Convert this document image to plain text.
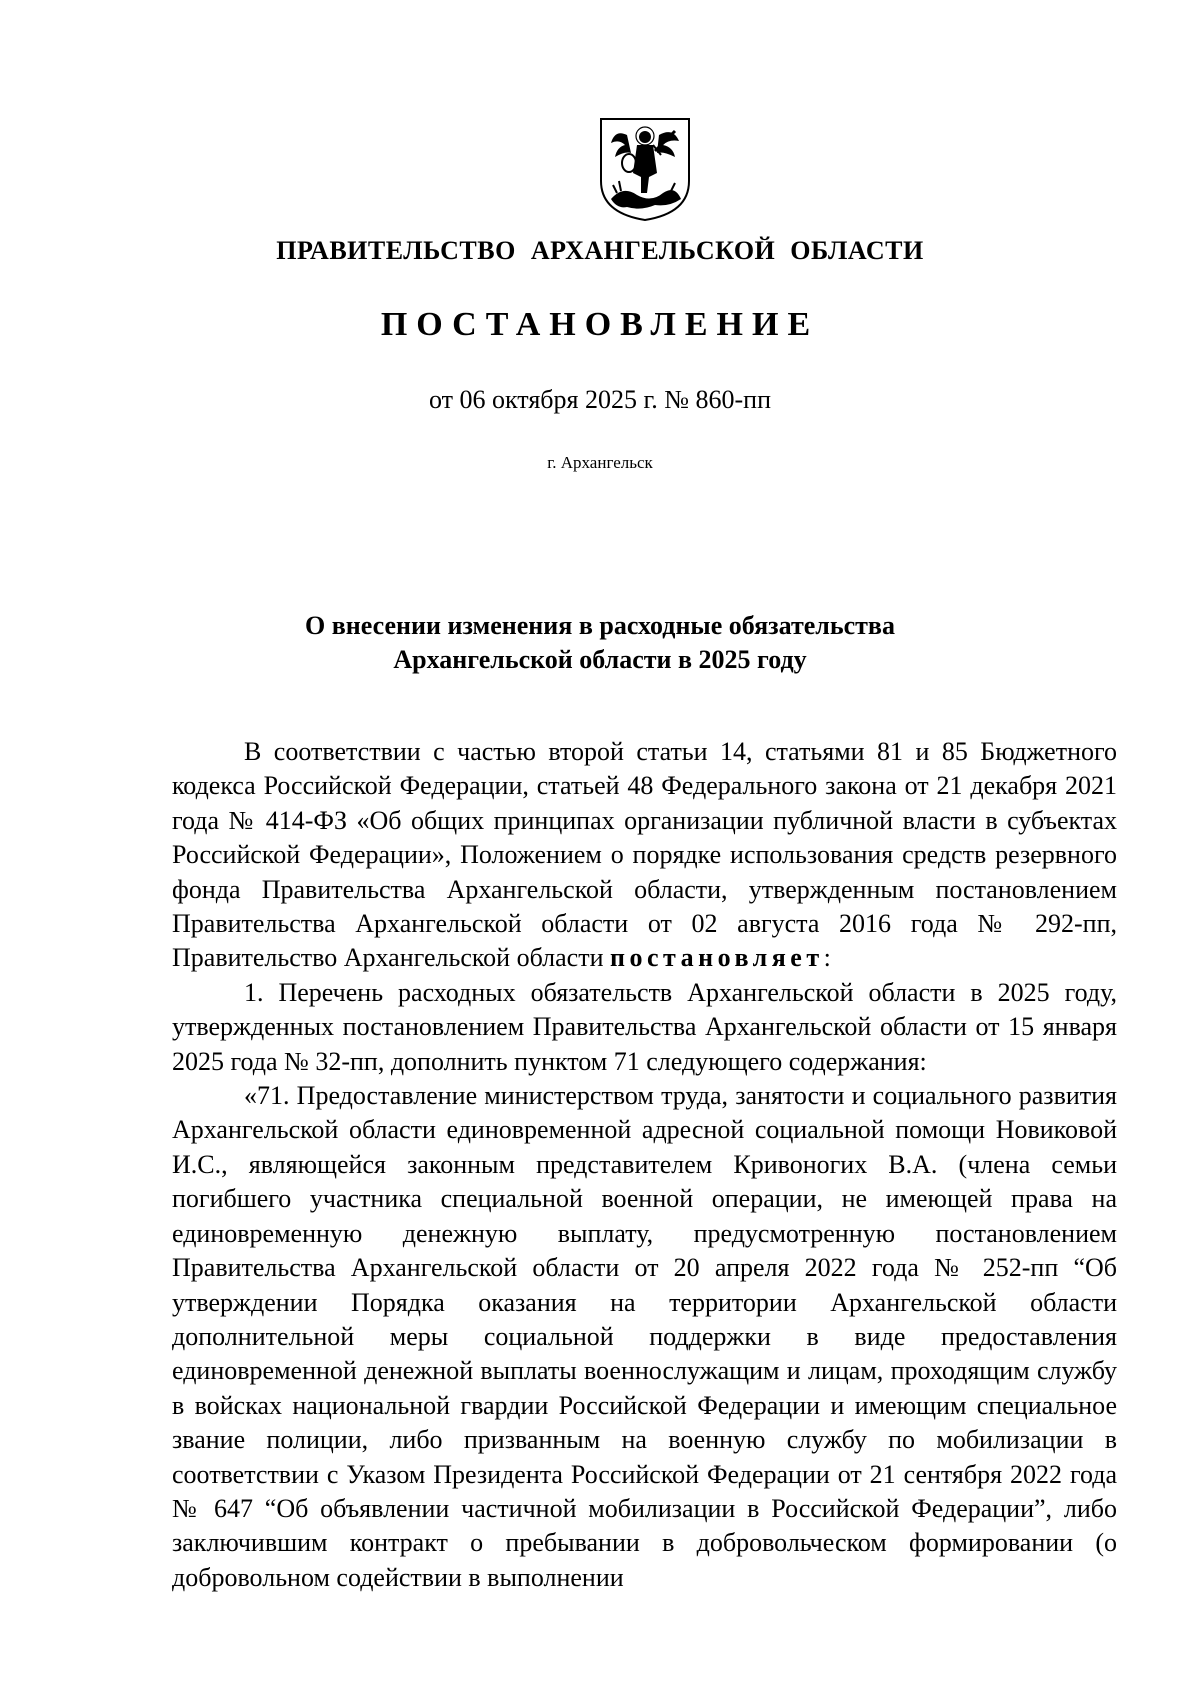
ПРАВИТЕЛЬСТВО АРХАНГЕЛЬСКОЙ ОБЛАСТИ
ПОСТАНОВЛЕНИЕ
от 06 октября 2025 г. № 860-пп
г. Архангельск
О внесении изменения в расходные обязательства
Архангельской области в 2025 году

В соответствии с частью второй статьи 14, статьями 81 и 85 Бюджетного кодекса Российской Федерации, статьей 48 Федерального закона от 21 декабря 2021 года № 414-ФЗ «Об общих принципах организации публичной власти в субъектах Российской Федерации», Положением о порядке использования средств резервного фонда Правительства Архангельской области, утвержденным постановлением Правительства Архангельской области от 02 августа 2016 года № 292-пп, Правительство Архангельской области постановляет:

1. Перечень расходных обязательств Архангельской области в 2025 году, утвержденных постановлением Правительства Архангельской области от 15 января 2025 года № 32-пп, дополнить пунктом 71 следующего содержания:

«71. Предоставление министерством труда, занятости и социального развития Архангельской области единовременной адресной социальной помощи Новиковой И.С., являющейся законным представителем Кривоногих В.А. (члена семьи погибшего участника специальной военной операции, не имеющей права на единовременную денежную выплату, предусмотренную постановлением Правительства Архангельской области от 20 апреля 2022 года № 252-пп “Об утверждении Порядка оказания на территории Архангельской области дополнительной меры социальной поддержки в виде предоставления единовременной денежной выплаты военнослужащим и лицам, проходящим службу в войсках национальной гвардии Российской Федерации и имеющим специальное звание полиции, либо призванным на военную службу по мобилизации в соответствии с Указом Президента Российской Федерации от 21 сентября 2022 года № 647 “Об объявлении частичной мобилизации в Российской Федерации”, либо заключившим контракт о пребывании в добровольческом формировании (о добровольном содействии в выполнении
